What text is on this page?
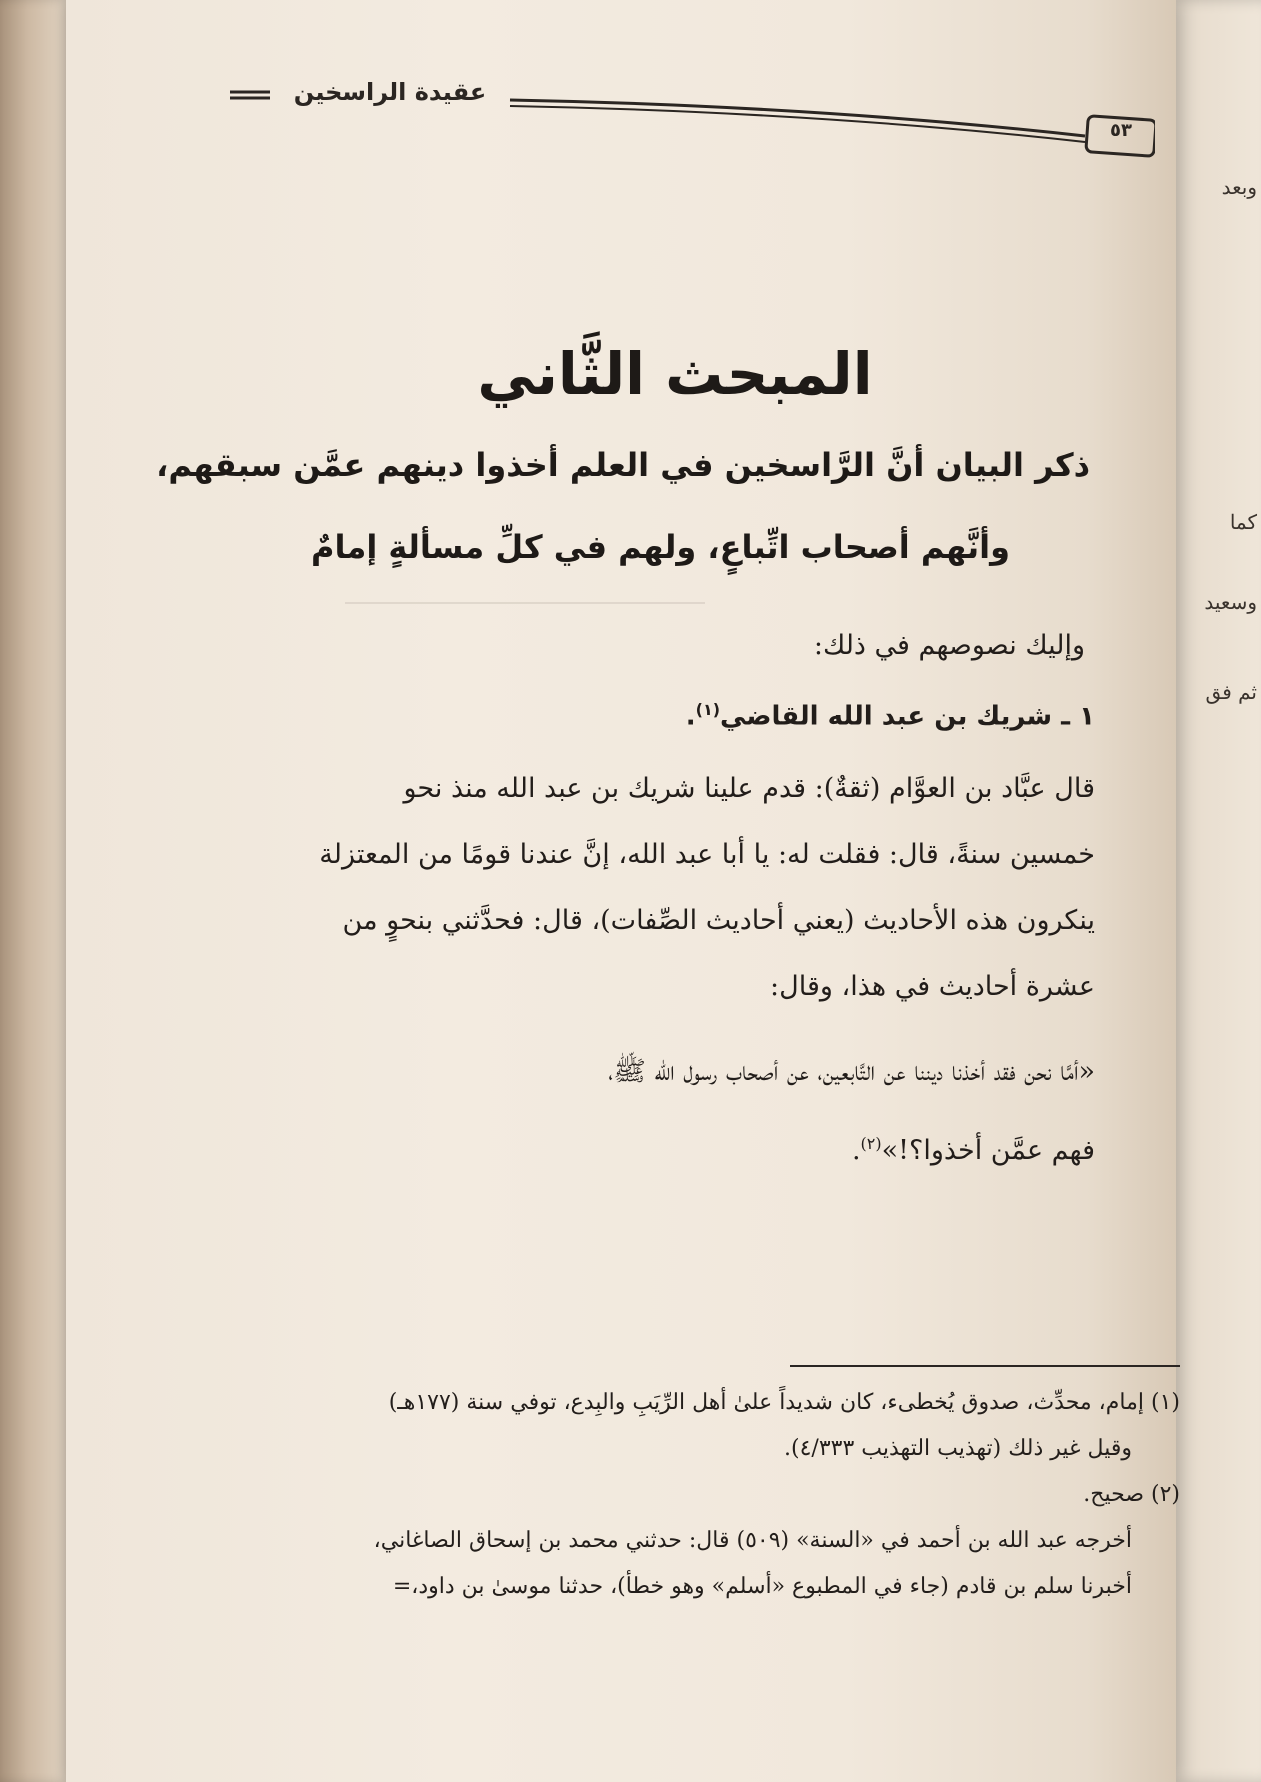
وبعد
كما
وسعيد
ثم فق
عقيدة الراسخين
٥٣
المبحث الثَّاني
ذكر البيان أنَّ الرَّاسخين في العلم أخذوا دينهم عمَّن سبقهم،
وأنَّهم أصحاب اتِّباعٍ، ولهم في كلِّ مسألةٍ إمامٌ
وإليك نصوصهم في ذلك:
١ ـ شريك بن عبد الله القاضي$^{(١)}$.
قال عبَّاد بن العوَّام (ثقةٌ): قدم علينا شريك بن عبد الله منذ نحو
خمسين سنةً، قال: فقلت له: يا أبا عبد الله، إنَّ عندنا قومًا من المعتزلة
ينكرون هذه الأحاديث (يعني أحاديث الصِّفات)، قال: فحدَّثني بنحوٍ من
عشرة أحاديث في هذا، وقال:
«أمَّا نحن فقد أخذنا ديننا عن التَّابعين، عن أصحاب رسول الله ﷺ،
فهم عمَّن أخذوا؟!»$^{(٢)}$.
(١) إمام، محدِّث، صدوق يُخطىء، كان شديداً علىٰ أهل الرِّيَبِ والبِدع، توفي سنة (١٧٧هـ)
وقيل غير ذلك (تهذيب التهذيب ٤/٣٣٣).
(٢) صحيح.
أخرجه عبد الله بن أحمد في «السنة» (٥٠٩) قال: حدثني محمد بن إسحاق الصاغاني،
أخبرنا سلم بن قادم (جاء في المطبوع «أسلم» وهو خطأ)، حدثنا موسىٰ بن داود،=
